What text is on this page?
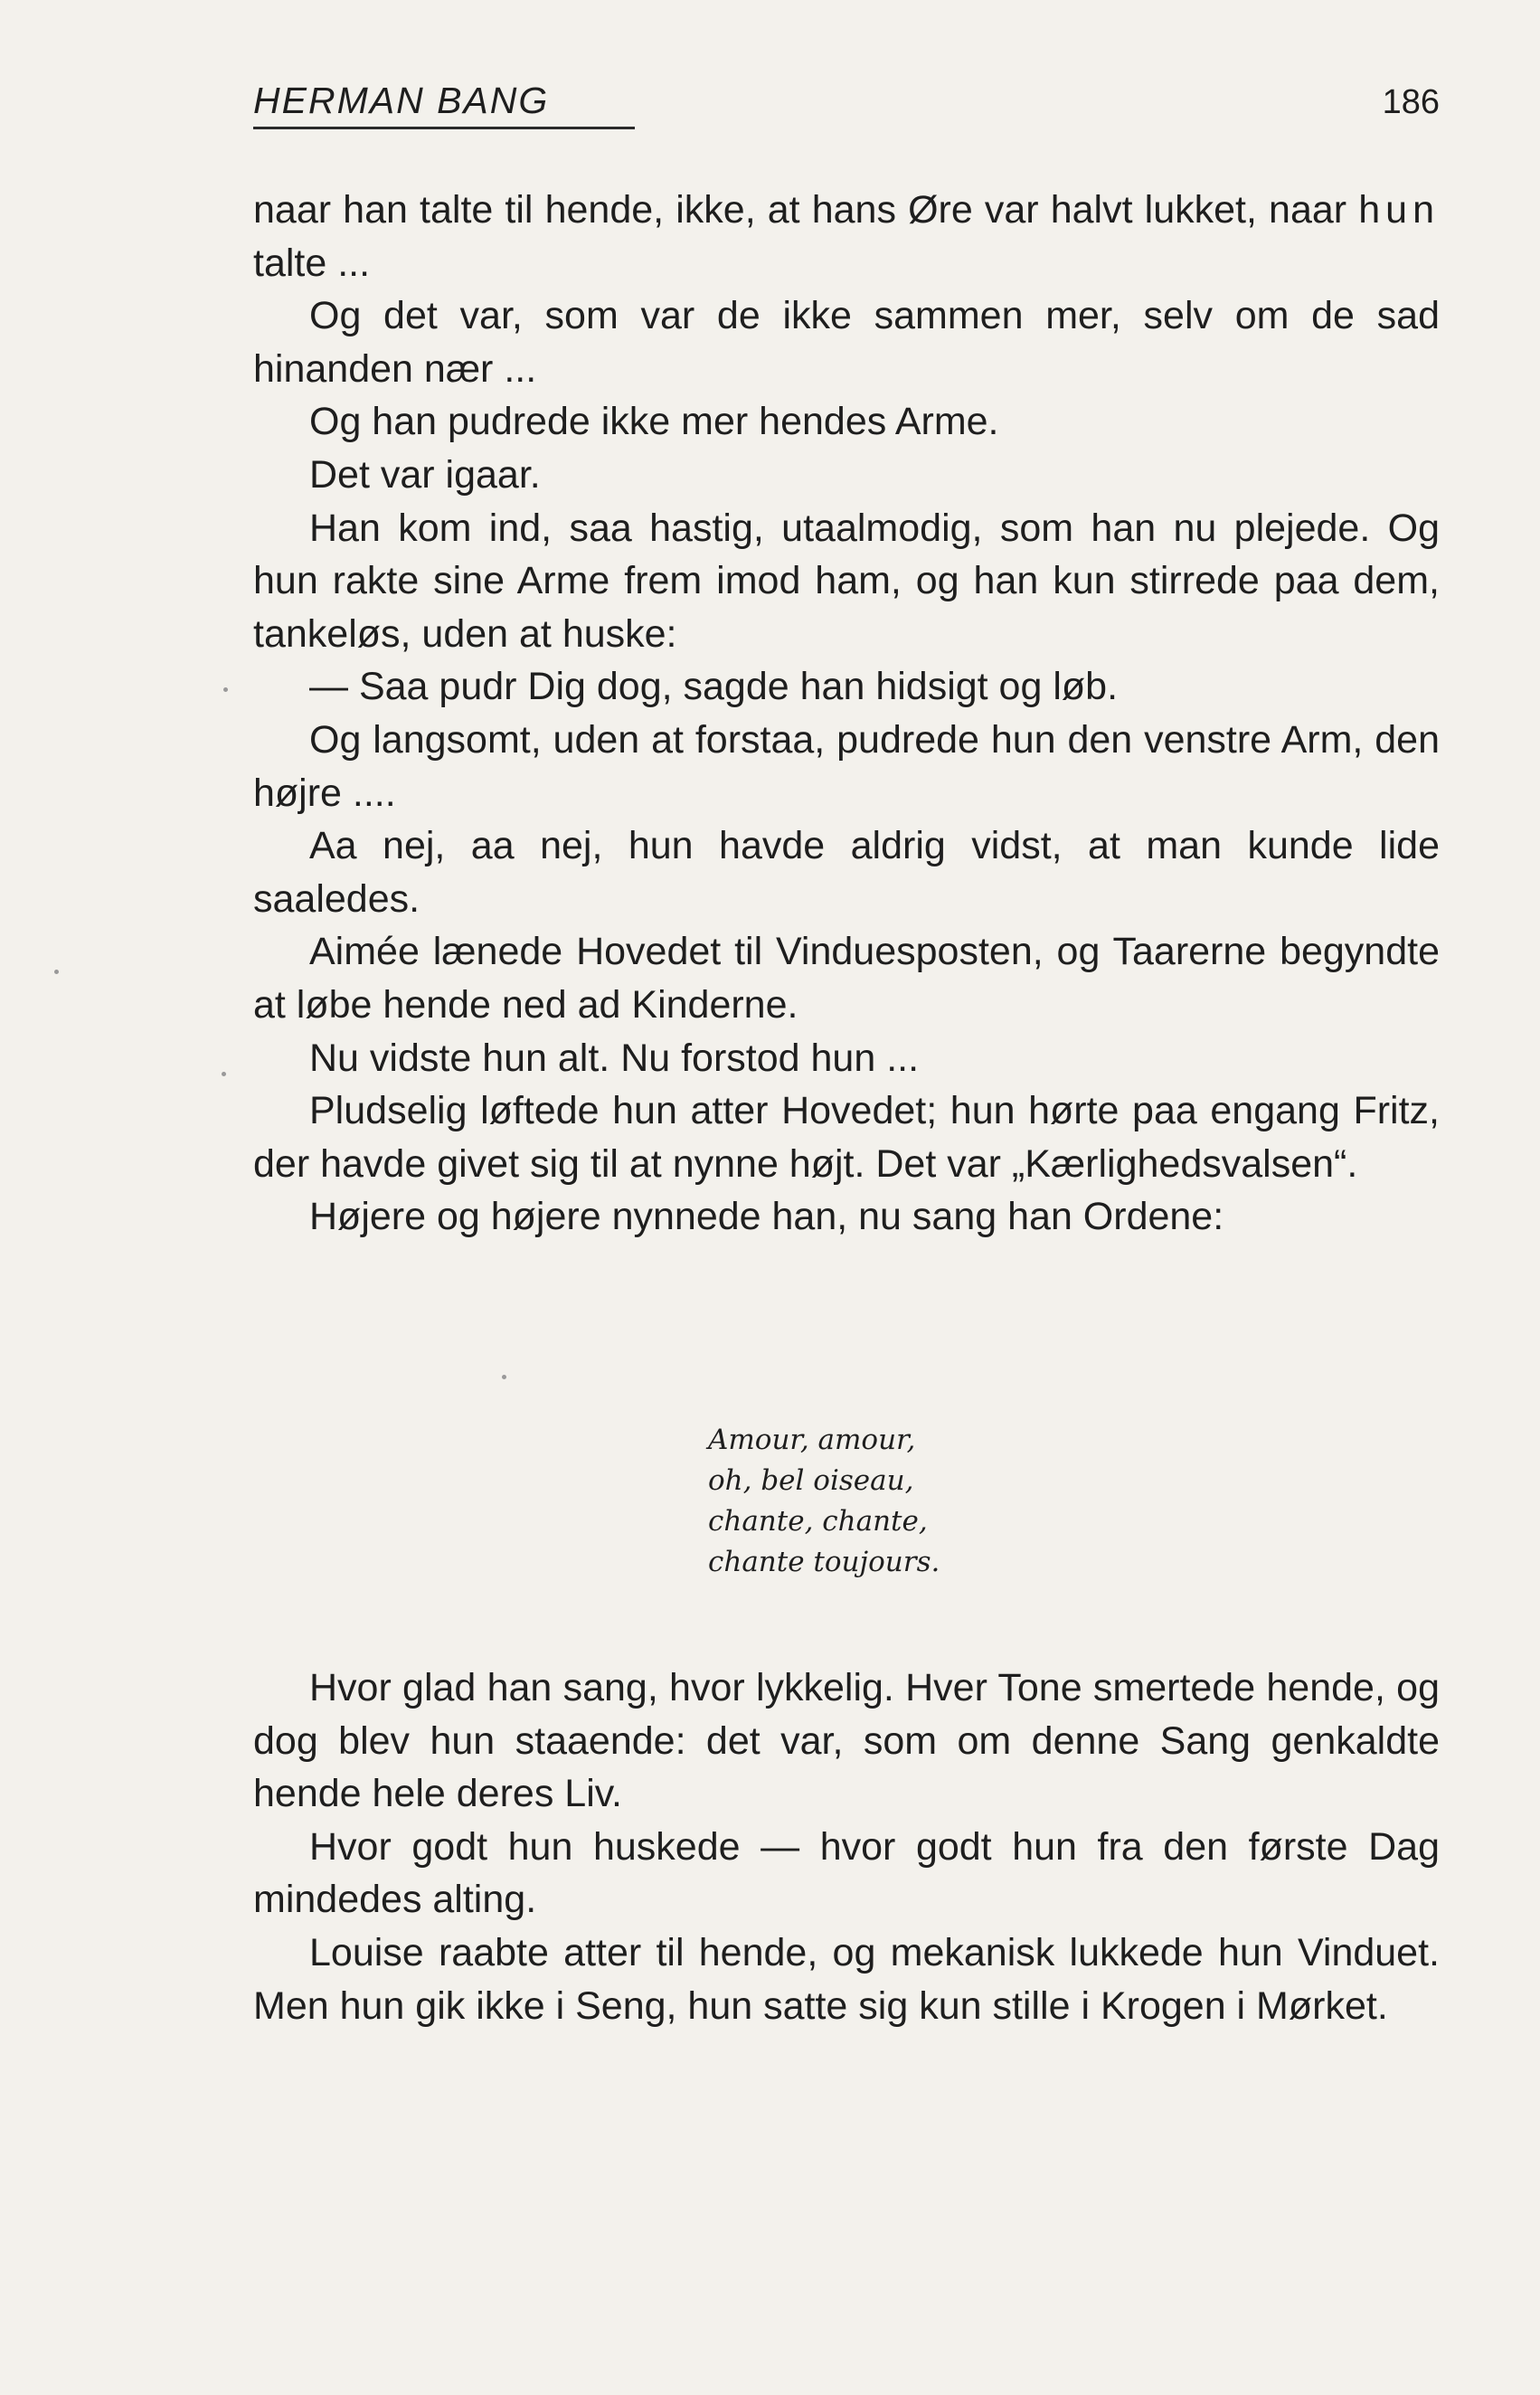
HERMAN BANG	186

naar han talte til hende, ikke, at hans Øre var halvt lukket, naar hun talte ...

Og det var, som var de ikke sammen mer, selv om de sad hinanden nær ...

Og han pudrede ikke mer hendes Arme.

Det var igaar.

Han kom ind, saa hastig, utaalmodig, som han nu plejede. Og hun rakte sine Arme frem imod ham, og han kun stirrede paa dem, tankeløs, uden at huske:

— Saa pudr Dig dog, sagde han hidsigt og løb.

Og langsomt, uden at forstaa, pudrede hun den venstre Arm, den højre ....

Aa nej, aa nej, hun havde aldrig vidst, at man kunde lide saaledes.

Aimée lænede Hovedet til Vinduesposten, og Taarerne begyndte at løbe hende ned ad Kinderne.

Nu vidste hun alt. Nu forstod hun ...

Pludselig løftede hun atter Hovedet; hun hørte paa engang Fritz, der havde givet sig til at nynne højt. Det var „Kærlighedsvalsen“.

Højere og højere nynnede han, nu sang han Ordene:

Amour, amour,
oh, bel oiseau,
chante, chante,
chante toujours.

Hvor glad han sang, hvor lykkelig. Hver Tone smertede hende, og dog blev hun staaende: det var, som om denne Sang genkaldte hende hele deres Liv.

Hvor godt hun huskede — hvor godt hun fra den første Dag mindedes alting.

Louise raabte atter til hende, og mekanisk lukkede hun Vinduet. Men hun gik ikke i Seng, hun satte sig kun stille i Krogen i Mørket.
